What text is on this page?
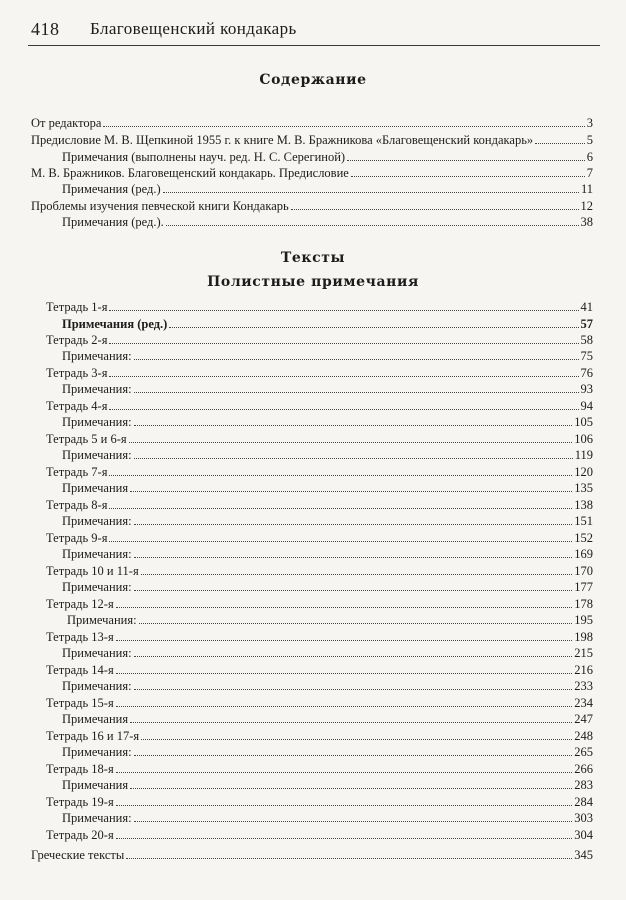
418 Благовещенский кондакарь
Содержание
От редактора	3
Предисловие М. В. Щепкиной 1955 г. к книге М. В. Бражникова «Благовещенский кондакарь»	5
Примечания (выполнены науч. ред. Н. С. Серегиной)	6
М. В. Бражников. Благовещенский кондакарь. Предисловие	7
Примечания (ред.)	11
Проблемы изучения певческой книги Кондакарь	12
Примечания (ред.).	38
Тексты
Полистные примечания
Тетрадь 1-я	41
Примечания (ред.)	57
Тетрадь 2-я	58
Примечания:	75
Тетрадь 3-я	76
Примечания:	93
Тетрадь 4-я	94
Примечания:	105
Тетрадь 5 и 6-я	106
Примечания:	119
Тетрадь 7-я	120
Примечания	135
Тетрадь 8-я	138
Примечания:	151
Тетрадь 9-я	152
Примечания:	169
Тетрадь 10 и 11-я	170
Примечания:	177
Тетрадь 12-я	178
Примечания:	195
Тетрадь 13-я	198
Примечания:	215
Тетрадь 14-я	216
Примечания:	233
Тетрадь 15-я	234
Примечания	247
Тетрадь 16 и 17-я	248
Примечания:	265
Тетрадь 18-я	266
Примечания	283
Тетрадь 19-я	284
Примечания:	303
Тетрадь 20-я	304
Греческие тексты	345
